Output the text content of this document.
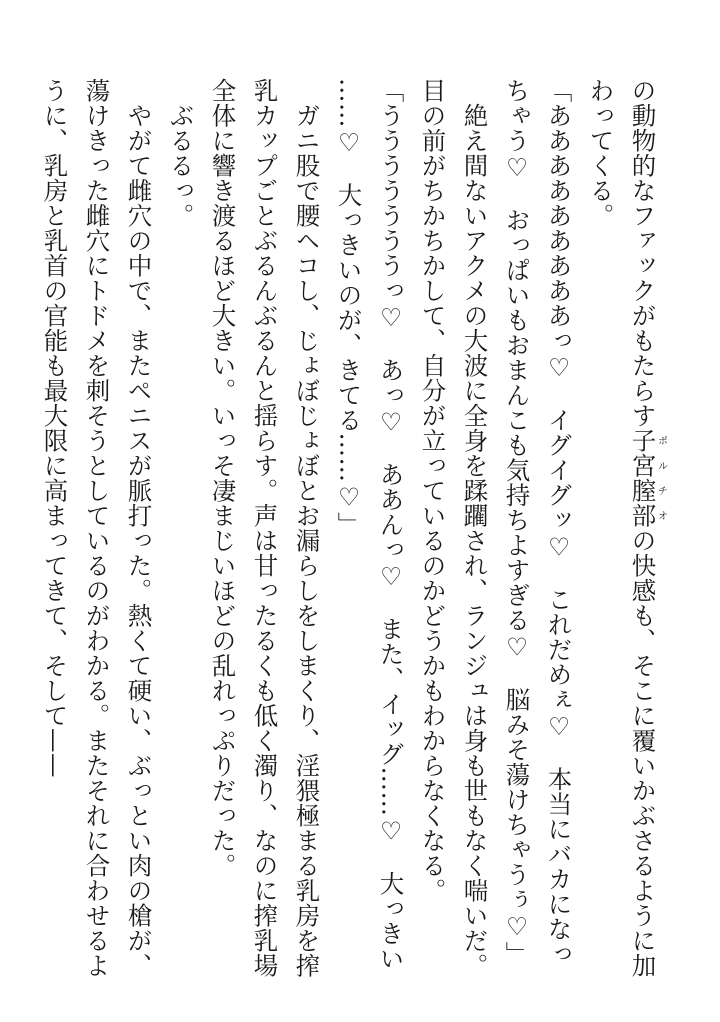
の動物的なファックがもたらす子宮膣部ポルチオの快感も、そこに覆いかぶさるように加
わってくる。
「あああああああああっ♡　イグイグッ♡　これだめぇ♡　本当にバカになっ
ちゃう♡　おっぱいもおまんこも気持ちよすぎる♡　脳みそ蕩けちゃうぅ♡」
絶え間ないアクメの大波に全身を蹂躙され、ランジュは身も世もなく喘いだ。
目の前がちかちかして、自分が立っているのかどうかもわからなくなる。
「うううううううっ♡　あっ♡　ああんっ♡　また、イッグ……♡　大っきい
……♡　大っきいのが、きてる……♡」
ガニ股で腰ヘコし、じょぼじょぼとお漏らしをしまくり、淫猥極まる乳房を搾
乳カップごとぶるんぶるんと揺らす。声は甘ったるくも低く濁り、なのに搾乳場
全体に響き渡るほど大きい。いっそ凄まじいほどの乱れっぷりだった。
ぶるるっ。
やがて雌穴の中で、またペニスが脈打った。熱くて硬い、ぶっとい肉の槍が、
蕩けきった雌穴にトドメを刺そうとしているのがわかる。またそれに合わせるよ
うに、乳房と乳首の官能も最大限に高まってきて、そして——
